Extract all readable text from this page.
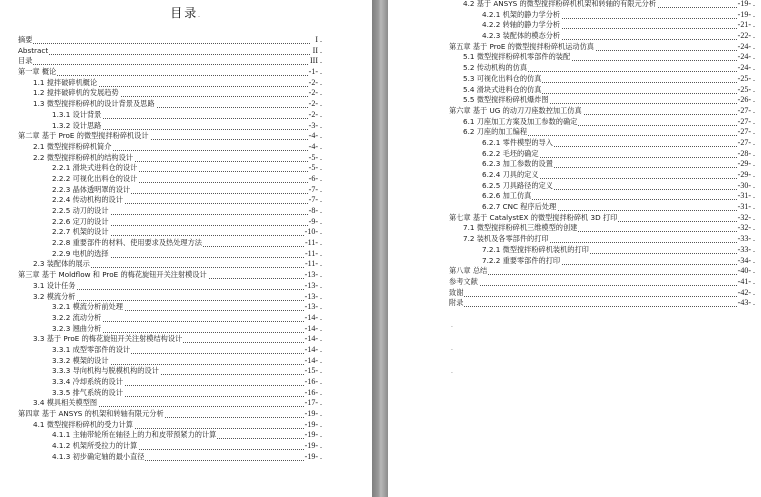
目录.
摘要	I .
Abstract	II .
目录	III .
第一章 概论	-1- .
1.1 搅拌破碎机概论	-2- .
1.2 搅拌破碎机的发展趋势	-2- .
1.3 微型搅拌粉碎机的设计背景及思路	-2- .
1.3.1 设计背景	-2- .
1.3.2 设计思路	-3- .
第二章 基于 ProE 的微型搅拌粉碎机设计	-4- .
2.1 微型搅拌粉碎机简介	-4- .
2.2 微型搅拌粉碎机的结构设计	-5- .
2.2.1 滑块式进料仓的设计	-5- .
2.2.2 可视化出料仓的设计	-6- .
2.2.3 晶体透明罩的设计	-7- .
2.2.4 传动机构的设计	-7- .
2.2.5 动刀的设计	-8- .
2.2.6 定刀的设计	-9- .
2.2.7 机架的设计	-10- .
2.2.8 重要部件的材料、使用要求及热处理方法	-11- .
2.2.9 电机的选择	-11- .
2.3 装配体的展示	-11- .
第三章 基于 Moldflow 和 ProE 的梅花旋钮开关注射模设计	-13- .
3.1 设计任务	-13- .
3.2 模流分析	-13- .
3.2.1 模流分析前处理	-13- .
3.2.2 流动分析	-14- .
3.2.3 翘曲分析	-14- .
3.3 基于 ProE 的梅花旋钮开关注射模结构设计	-14- .
3.3.1 成型零部件的设计	-14- .
3.3.2 模架的设计	-14- .
3.3.3 导向机构与脱模机构的设计	-15- .
3.3.4 冷却系统的设计	-16- .
3.3.5 排气系统的设计	-16- .
3.4 模具相关模型图	-17- .
第四章 基于 ANSYS 的机架和转轴有限元分析	-19- .
4.1 微型搅拌粉碎机的受力计算	-19- .
4.1.1 主轴带轮所在轴径上的力和皮带预紧力的计算	-19- .
4.1.2 机架所受拉力的计算	-19- .
4.1.3 初步确定轴的最小直径	-19- .
4.2 基于 ANSYS 的微型搅拌粉碎机机架和转轴的有限元分析	-19- .
4.2.1 机架的静力学分析	-19- .
4.2.2 转轴的静力学分析	-21- .
4.2.3 装配体的模态分析	-22- .
第五章 基于 ProE 的微型搅拌粉碎机运动仿真	-24- .
5.1 微型搅拌粉碎机零部件的装配	-24- .
5.2 传动机构的仿真	-24- .
5.3 可视化出料仓的仿真	-25- .
5.4 滑块式进料仓的仿真	-25- .
5.5 微型搅拌粉碎机爆炸图	-26- .
第六章 基于 UG 的动刀刀座数控加工仿真	-27- .
6.1 刀座加工方案及加工参数的确定	-27- .
6.2 刀座的加工编程	-27- .
6.2.1 零件模型的导入	-27- .
6.2.2 毛坯的确定	-28- .
6.2.3 加工参数的设置	-29- .
6.2.4 刀具的定义	-29- .
6.2.5 刀具路径的定义	-30- .
6.2.6 加工仿真	-31- .
6.2.7 CNC 程序后处理	-31- .
第七章 基于 CatalystEX 的微型搅拌粉碎机 3D 打印	-32- .
7.1 微型搅拌粉碎机三维模型的创建	-32- .
7.2 装机及各零部件的打印	-33- .
7.2.1 微型搅拌粉碎机装机的打印	-33- .
7.2.2 重要零部件的打印	-34- .
第八章 总结	-40- .
参考文献	-41- .
致谢	-42- .
附录	-43- .
.
.
.
